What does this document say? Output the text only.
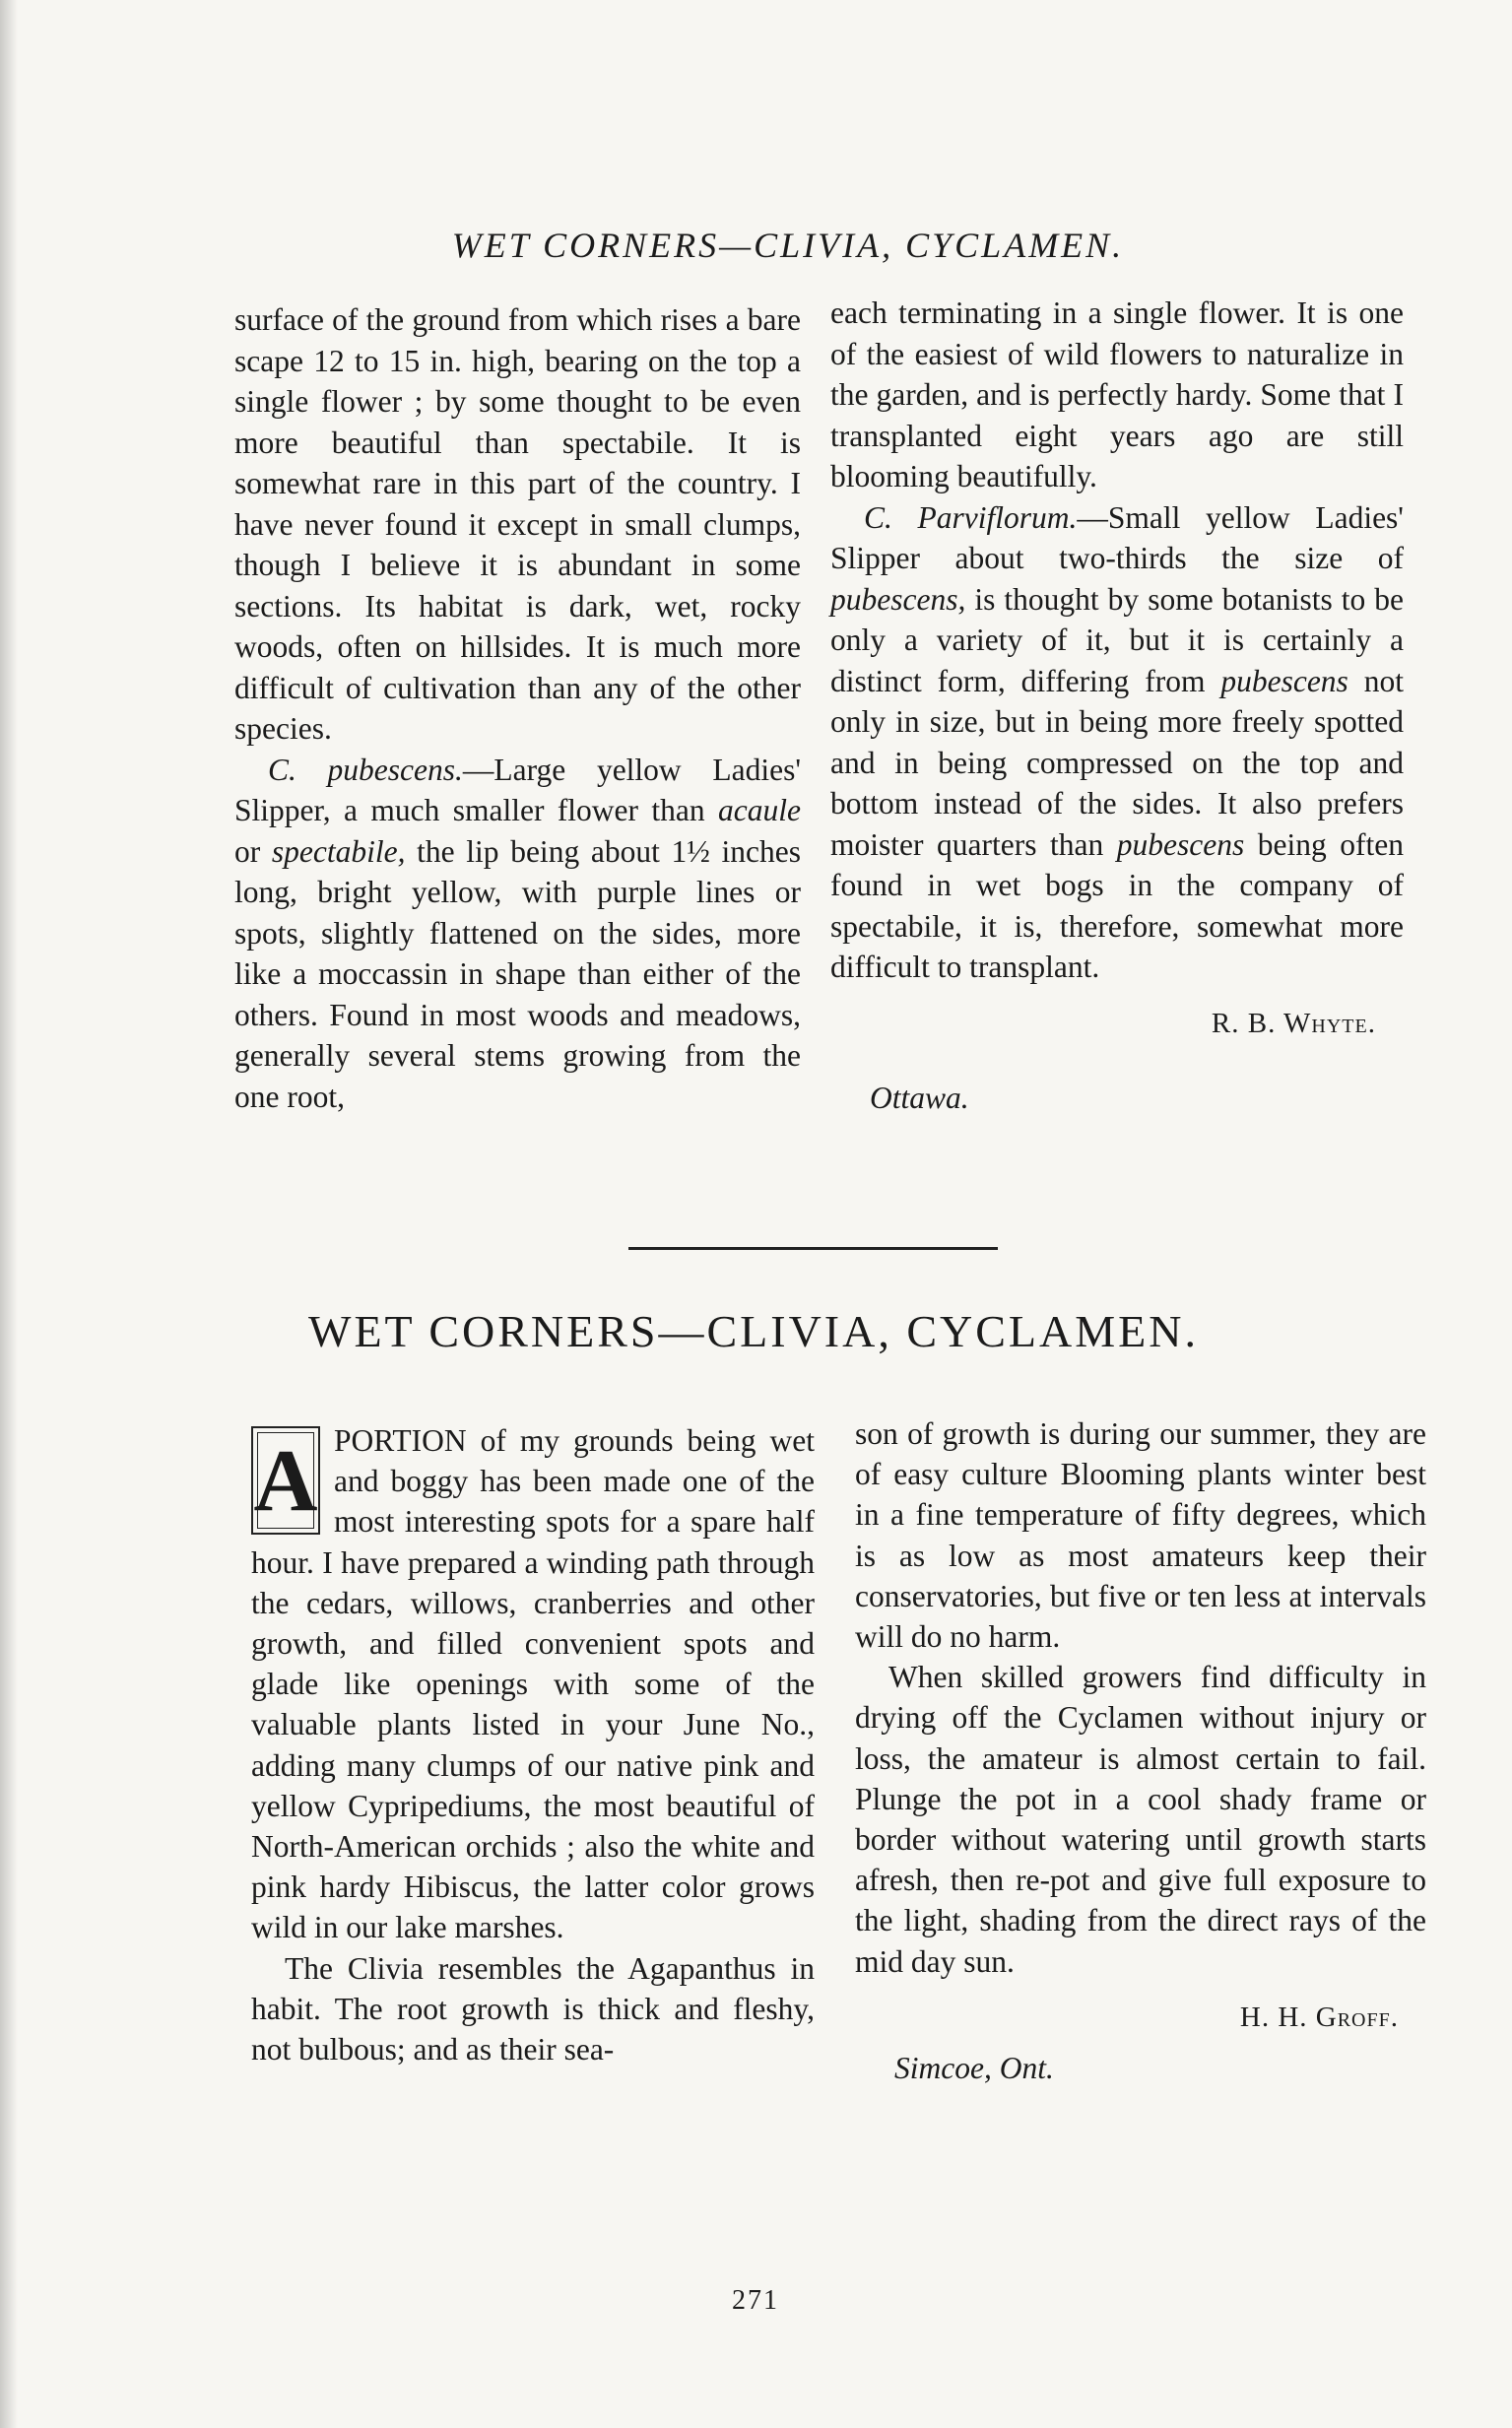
WET CORNERS—CLIVIA, CYCLAMEN.

surface of the ground from which rises a bare scape 12 to 15 in. high, bearing on the top a single flower ; by some thought to be even more beautiful than spectabile. It is somewhat rare in this part of the country. I have never found it except in small clumps, though I believe it is abundant in some sections. Its habitat is dark, wet, rocky woods, often on hillsides. It is much more difficult of cultivation than any of the other species.

C. pubescens.—Large yellow Ladies' Slipper, a much smaller flower than acaule or spectabile, the lip being about 1½ inches long, bright yellow, with purple lines or spots, slightly flattened on the sides, more like a moccassin in shape than either of the others. Found in most woods and meadows, generally several stems growing from the one root,

each terminating in a single flower. It is one of the easiest of wild flowers to naturalize in the garden, and is perfectly hardy. Some that I transplanted eight years ago are still blooming beautifully.

C. Parviflorum.—Small yellow Ladies' Slipper about two-thirds the size of pubescens, is thought by some botanists to be only a variety of it, but it is certainly a distinct form, differing from pubescens not only in size, but in being more freely spotted and in being compressed on the top and bottom instead of the sides. It also prefers moister quarters than pubescens being often found in wet bogs in the company of spectabile, it is, therefore, somewhat more difficult to transplant.

R. B. Whyte.
Ottawa.
WET CORNERS—CLIVIA, CYCLAMEN.

A PORTION of my grounds being wet and boggy has been made one of the most interesting spots for a spare half hour. I have prepared a winding path through the cedars, willows, cranberries and other growth, and filled convenient spots and glade like openings with some of the valuable plants listed in your June No., adding many clumps of our native pink and yellow Cypripediums, the most beautiful of North-American orchids ; also the white and pink hardy Hibiscus, the latter color grows wild in our lake marshes.

The Clivia resembles the Agapanthus in habit. The root growth is thick and fleshy, not bulbous; and as their sea-

son of growth is during our summer, they are of easy culture Blooming plants winter best in a fine temperature of fifty degrees, which is as low as most amateurs keep their conservatories, but five or ten less at intervals will do no harm.

When skilled growers find difficulty in drying off the Cyclamen without injury or loss, the amateur is almost certain to fail. Plunge the pot in a cool shady frame or border without watering until growth starts afresh, then re-pot and give full exposure to the light, shading from the direct rays of the mid day sun.

H. H. Groff.
Simcoe, Ont.
271
